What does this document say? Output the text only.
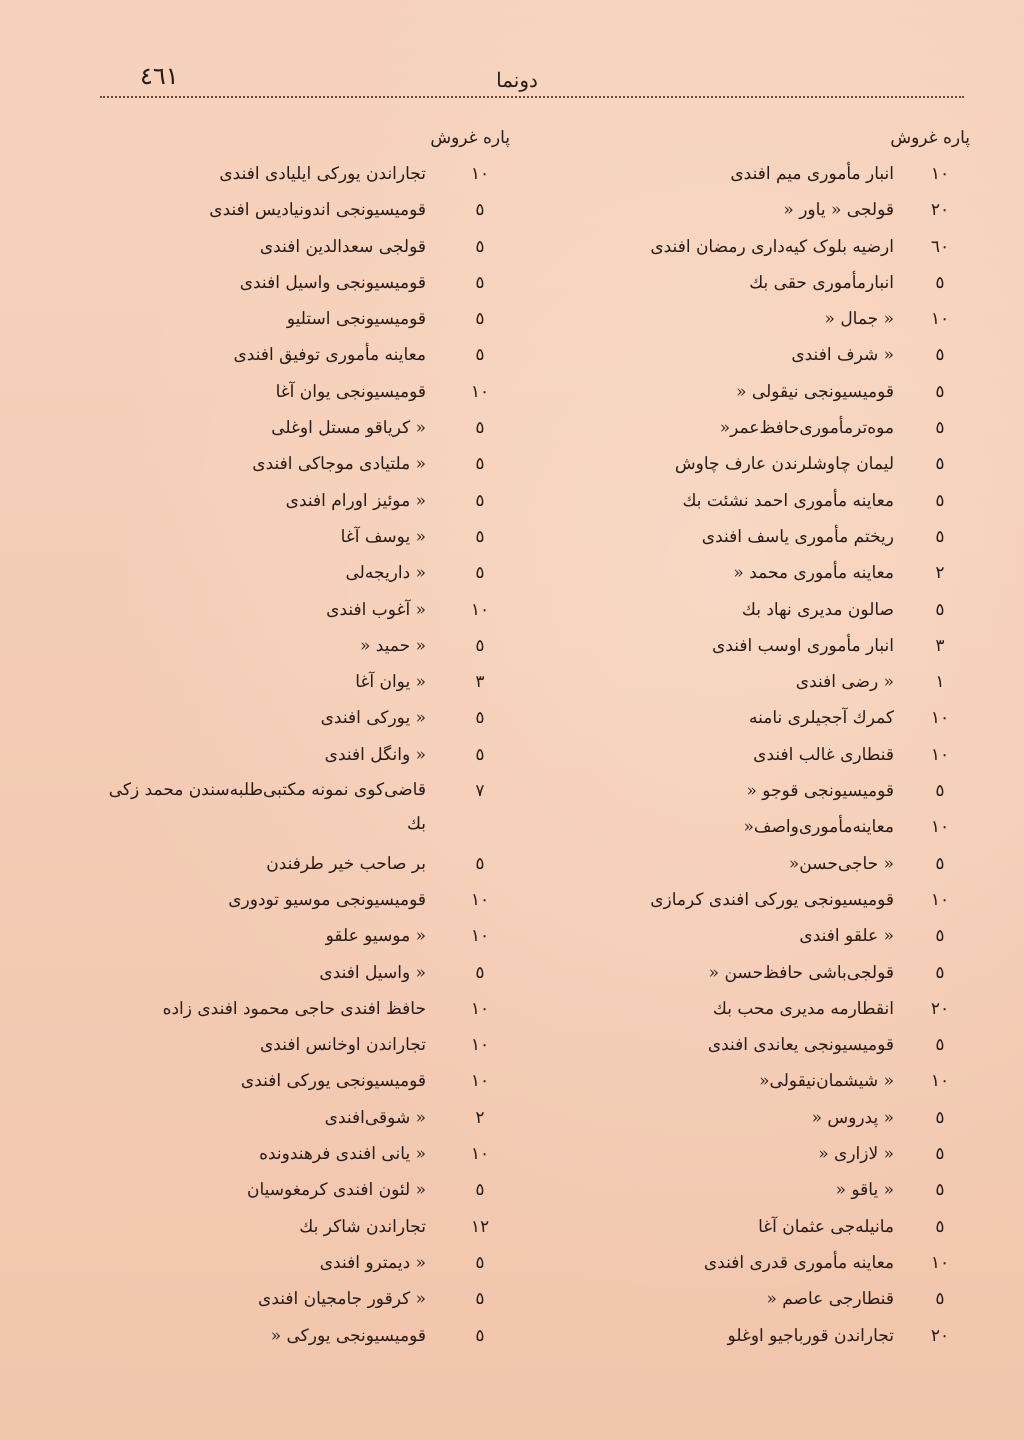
٤٦١	دونما
پاره غروش
١٠
انبار مأموری میم افندی
٢٠
قولجی « یاور «
٦٠
ارضیه بلوک کیه‌داری رمضان افندی
٥
انبارمأموری حقی بك
١٠
« جمال «
٥
« شرف افندی
٥
قومیسیونجی نیقولی «
٥
موه‌ترمأموری‌حافظ‌عمر«
٥
لیمان چاوشلرندن عارف چاوش
٥
معاینه مأموری احمد نشئت بك
٥
ریختم مأموری یاسف افندی
٢
معاینه مأموری محمد «
٥
صالون مدیری نهاد بك
٣
انبار مأموری اوسب افندی
١
« رضی افندی
١٠
کمرك آججیلری نامنه
١٠
قنطاری غالب افندی
٥
قومیسیونجی قوجو «
١٠
معاینه‌مأموری‌واصف«
٥
« حاجی‌حسن«
١٠
قومیسیونجی یورکی افندی کرمازی
٥
« علقو افندی
٥
قولجی‌باشی حافظ‌حسن «
٢٠
انقطارمه مدیری محب بك
٥
قومیسیونجی یعاندی افندی
١٠
« شیشمان‌نیقولی«
٥
« پدروس «
٥
« لازاری «
٥
« یاقو «
٥
مانیله‌جی عثمان آغا
١٠
معاینه مأموری قدری افندی
٥
قنطارجی عاصم «
٢٠
تجاراندن قورباجیو اوغلو
پاره غروش
١٠
تجاراندن یورکی ایلیادی افندی
٥
قومیسیونجی اندونیادیس افندی
٥
قولجی سعدالدین افندی
٥
قومیسیونجی واسیل افندی
٥
قومیسیونجی استلیو
٥
معاینه مأموری توفیق افندی
١٠
قومیسیونجی یوان آغا
٥
« کریاقو مستل اوغلی
٥
« ملتیادی موجاکی افندی
٥
« موئیز اورام افندی
٥
« یوسف آغا
٥
« داریجه‌لی
١٠
« آغوب افندی
٥
« حمید «
٣
« یوان آغا
٥
« یورکی افندی
٥
« وانگل افندی
٧
قاضی‌کوی نمونه مکتبی‌طلبه‌سندن محمد زکی بك
٥
بر صاحب خیر طرفندن
١٠
قومیسیونجی موسیو تودوری
١٠
« موسیو علقو
٥
« واسیل افندی
١٠
حافظ افندی حاجی محمود افندی زاده
١٠
تجاراندن اوخانس افندی
١٠
قومیسیونجی یورکی افندی
٢
« شوقی‌افندی
١٠
« یانی افندی فرهندونده
٥
« لئون افندی کرمغوسیان
١٢
تجاراندن شاکر بك
٥
« دیمترو افندی
٥
« کرقور جامجیان افندی
٥
قومیسیونجی یورکی «
